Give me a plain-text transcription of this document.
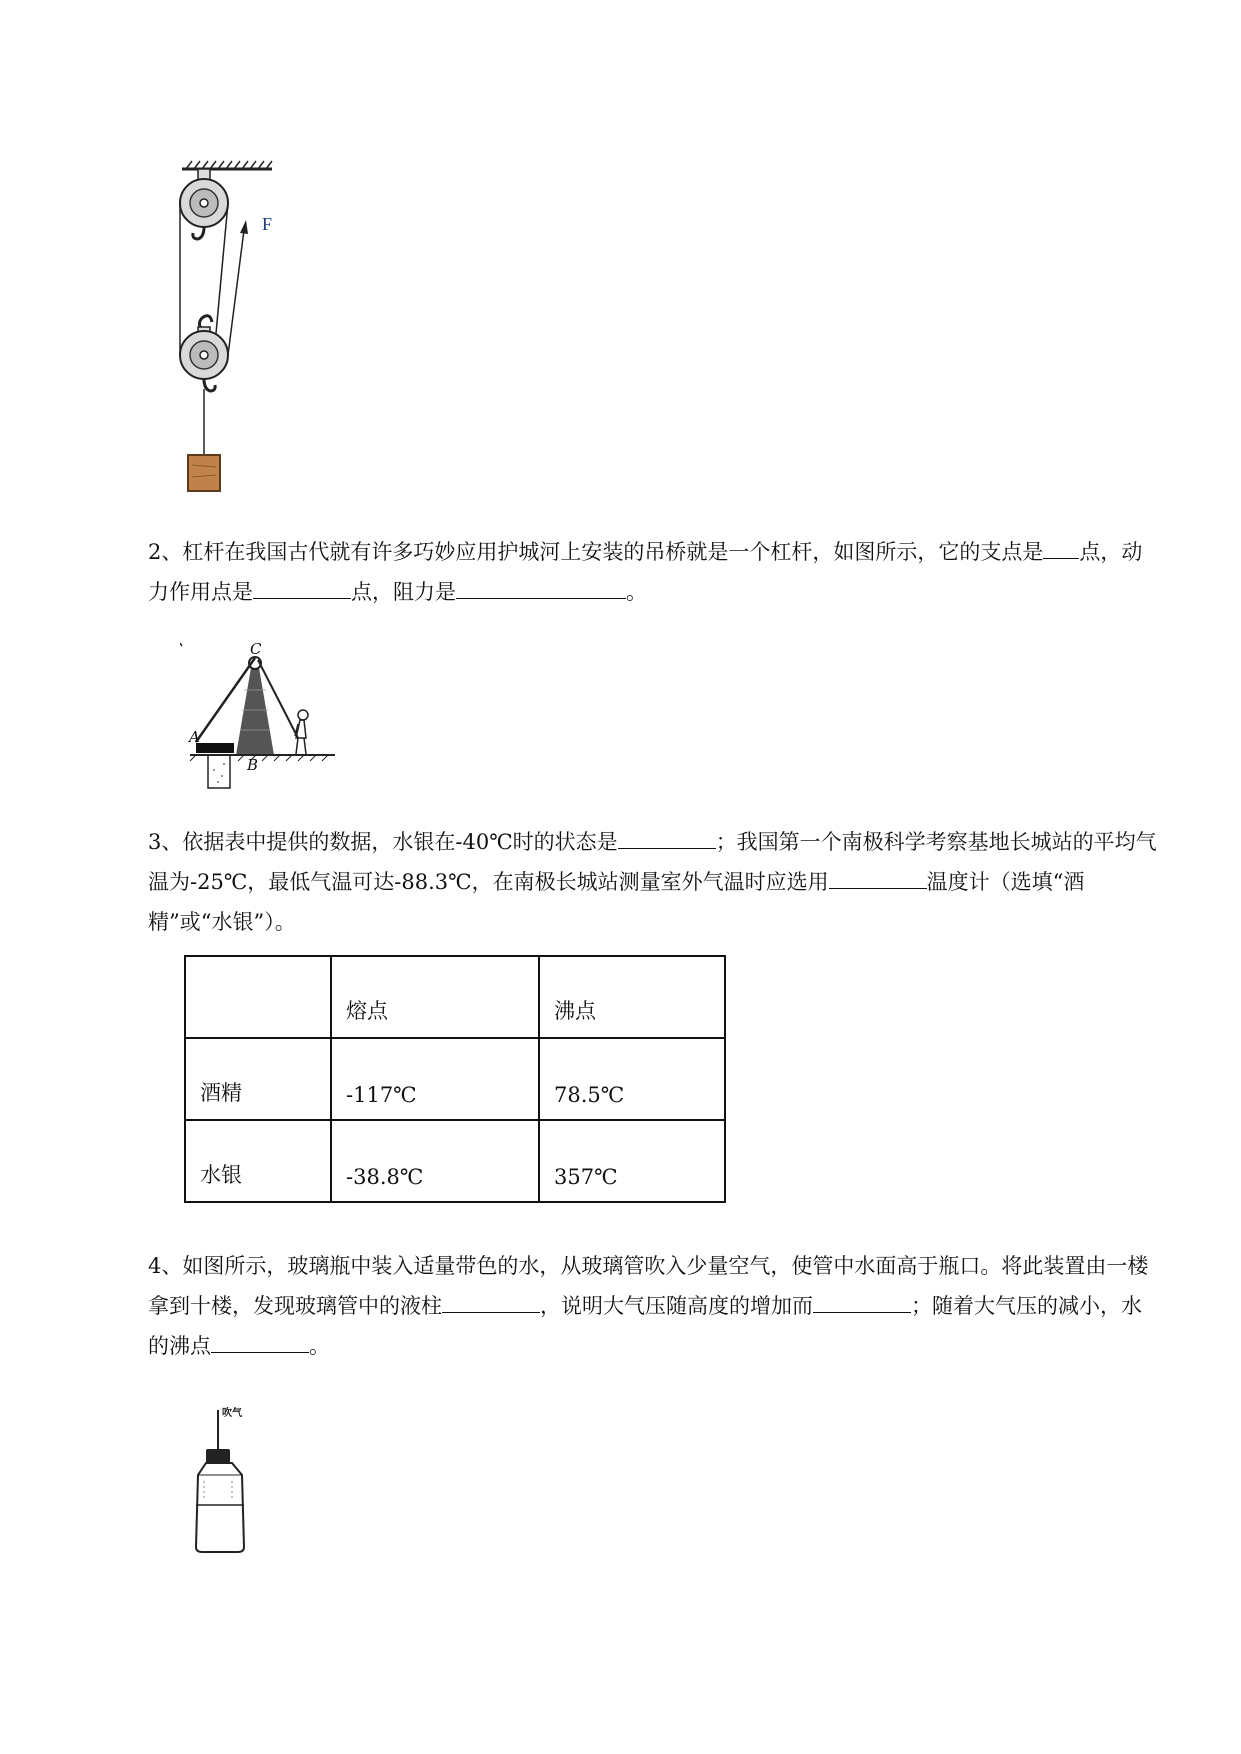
F
2、杠杆在我国古代就有许多巧妙应用护城河上安装的吊桥就是一个杠杆，如图所示，它的支点是 点，动力作用点是	点，阻力是	。
A
B
C
3、依据表中提供的数据，水银在-40℃时的状态是	；我国第一个南极科学考察基地长城站的平均气温为-25℃，最低气温可达-88.3℃，在南极长城站测量室外气温时应选用	温度计（选填“酒精”或“水银”）。
	熔点	沸点
酒精	-117℃	78.5℃
水银	-38.8℃	357℃
4、如图所示，玻璃瓶中装入适量带色的水，从玻璃管吹入少量空气，使管中水面高于瓶口。将此装置由一楼拿到十楼，发现玻璃管中的液柱	，说明大气压随高度的增加而	；随着大气压的减小，水的沸点	。
吹气
